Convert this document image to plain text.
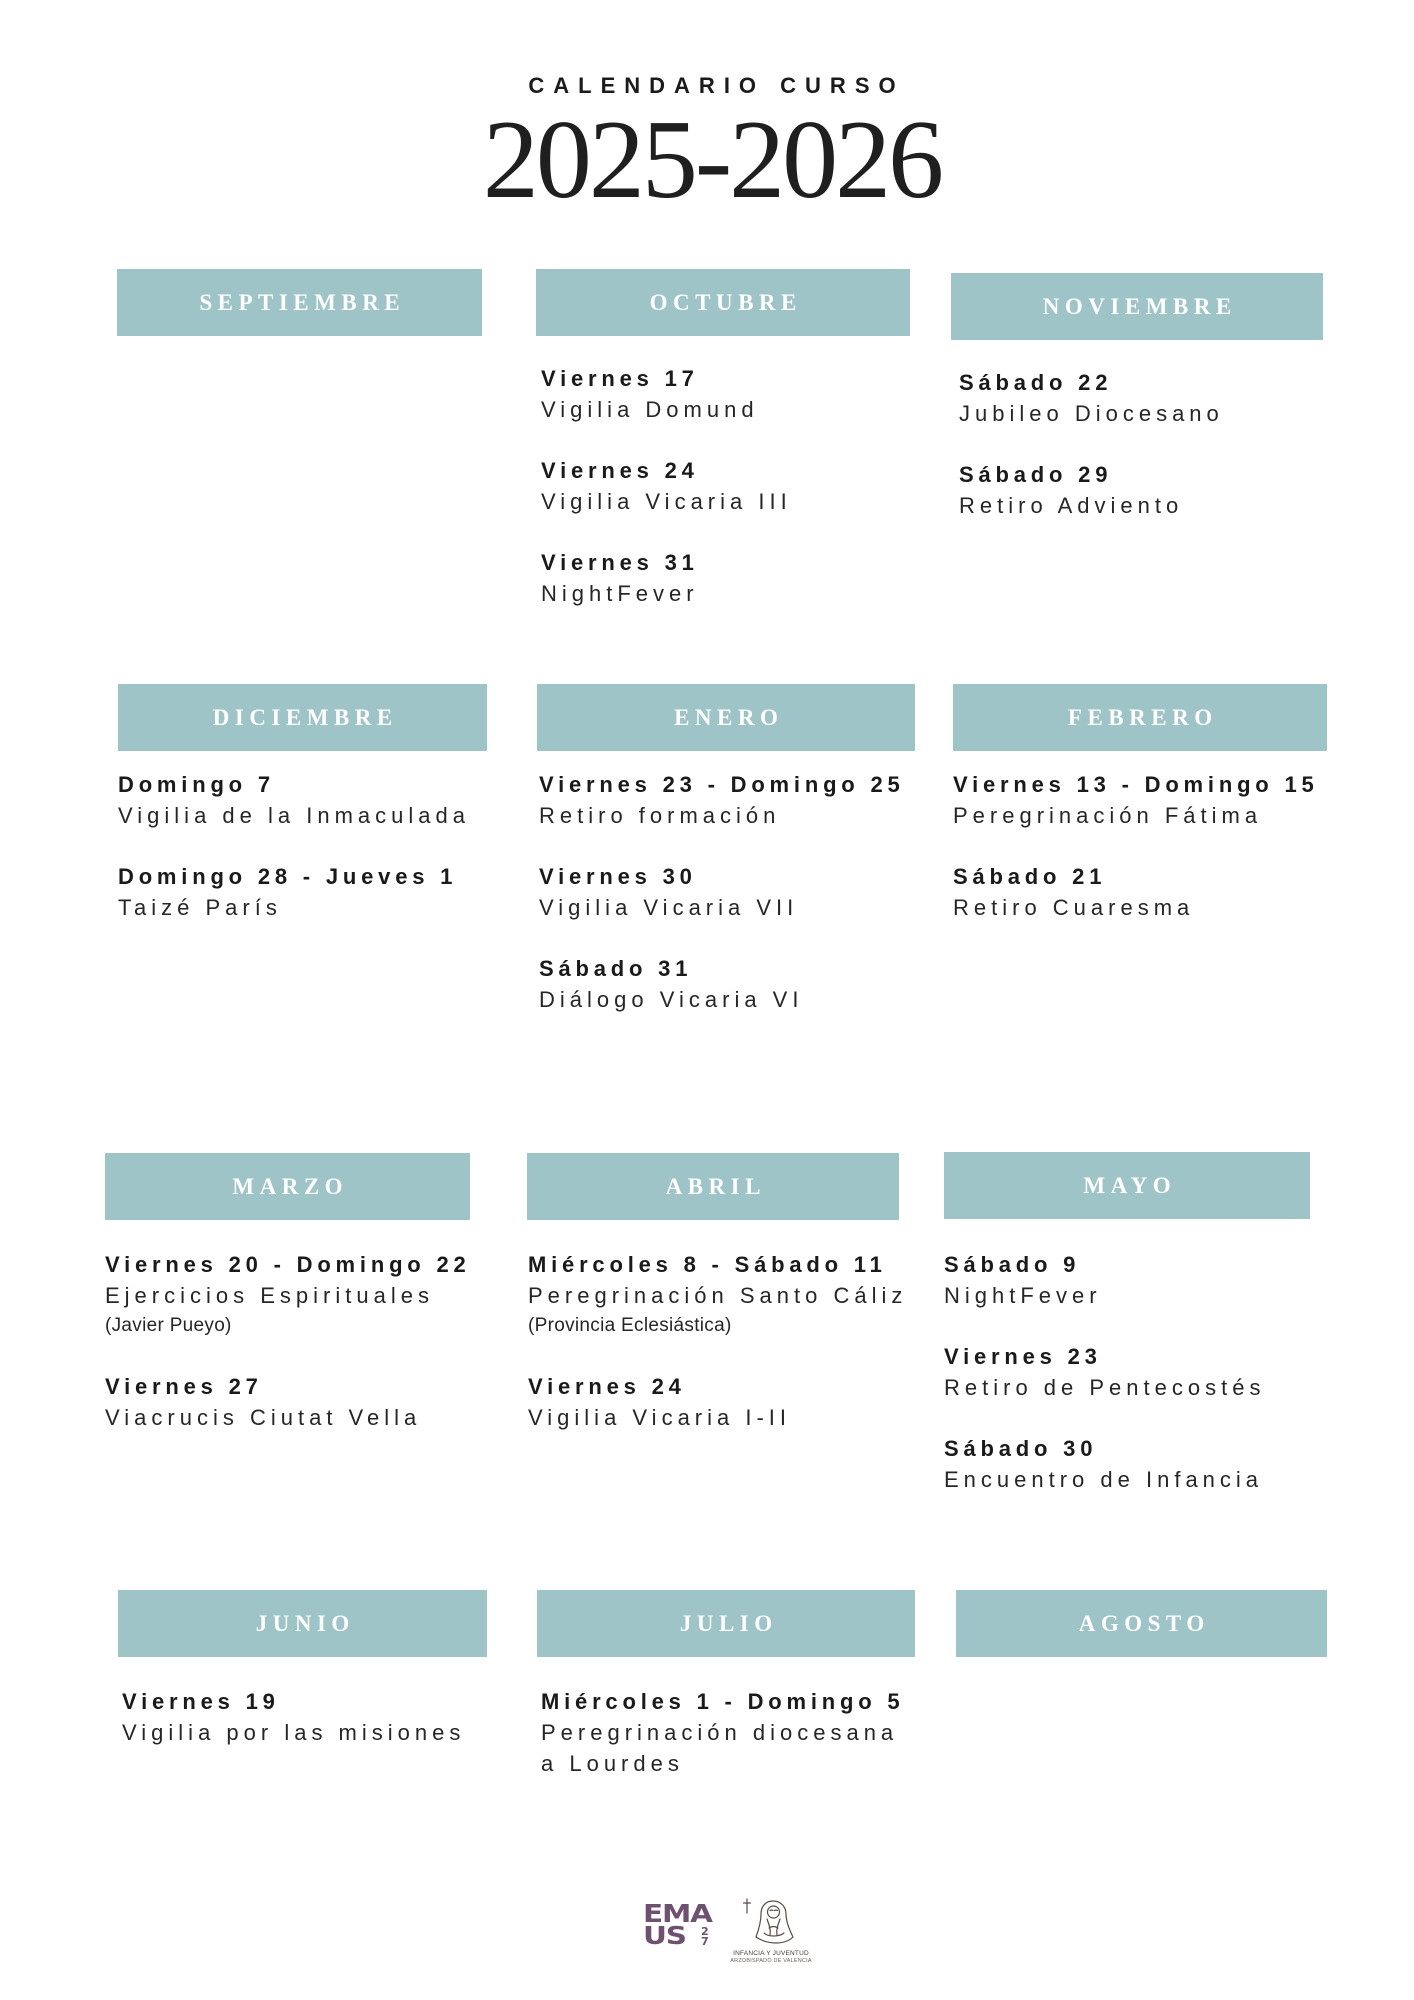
CALENDARIO CURSO
2025-2026
SEPTIEMBRE	OCTUBRE
Viernes 17
Vigilia Domund
Viernes 24
Vigilia Vicaria III
Viernes 31
NightFever
NOVIEMBRE
Sábado 22
Jubileo Diocesano
Sábado 29
Retiro Adviento
DICIEMBRE
Domingo 7
Vigilia de la Inmaculada
Domingo 28 - Jueves 1
Taizé París
ENERO
Viernes 23 - Domingo 25
Retiro formación
Viernes 30
Vigilia Vicaria VII
Sábado 31
Diálogo Vicaria VI
FEBRERO
Viernes 13 - Domingo 15
Peregrinación Fátima
Sábado 21
Retiro Cuaresma
MARZO
Viernes 20 - Domingo 22
Ejercicios Espirituales
(Javier Pueyo)
Viernes 27
Viacrucis Ciutat Vella
ABRIL
Miércoles 8 - Sábado 11
Peregrinación Santo Cáliz
(Provincia Eclesiástica)
Viernes 24
Vigilia Vicaria I-II
MAYO
Sábado 9
NightFever
Viernes 23
Retiro de Pentecostés
Sábado 30
Encuentro de Infancia
JUNIO
Viernes 19
Vigilia por las misiones
JULIO
Miércoles 1 - Domingo 5
Peregrinación diocesana
a Lourdes
AGOSTO
EMA
US 27
INFANCIA Y JUVENTUD
ARZOBISPADO DE VALENCIA
